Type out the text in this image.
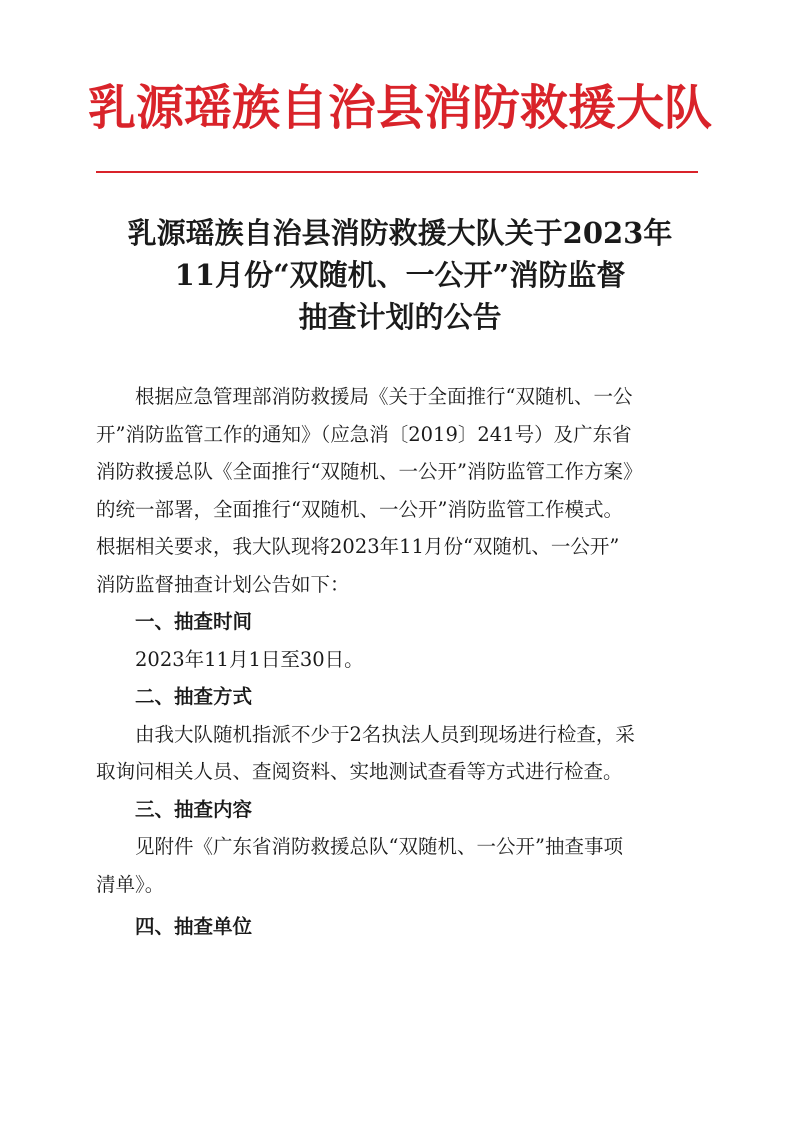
乳源瑶族自治县消防救援大队
乳源瑶族自治县消防救援大队关于2023年
11月份“双随机、一公开”消防监督
抽查计划的公告

根据应急管理部消防救援局《关于全面推行“双随机、一公
开”消防监管工作的通知》（应急消〔2019〕241号）及广东省
消防救援总队《全面推行“双随机、一公开”消防监管工作方案》
的统一部署，全面推行“双随机、一公开”消防监管工作模式。
根据相关要求，我大队现将2023年11月份“双随机、一公开”
消防监督抽查计划公告如下：

一、抽查时间

2023年11月1日至30日。

二、抽查方式

由我大队随机指派不少于2名执法人员到现场进行检查，采
取询问相关人员、查阅资料、实地测试查看等方式进行检查。

三、抽查内容

见附件《广东省消防救援总队“双随机、一公开”抽查事项
清单》。

四、抽查单位
